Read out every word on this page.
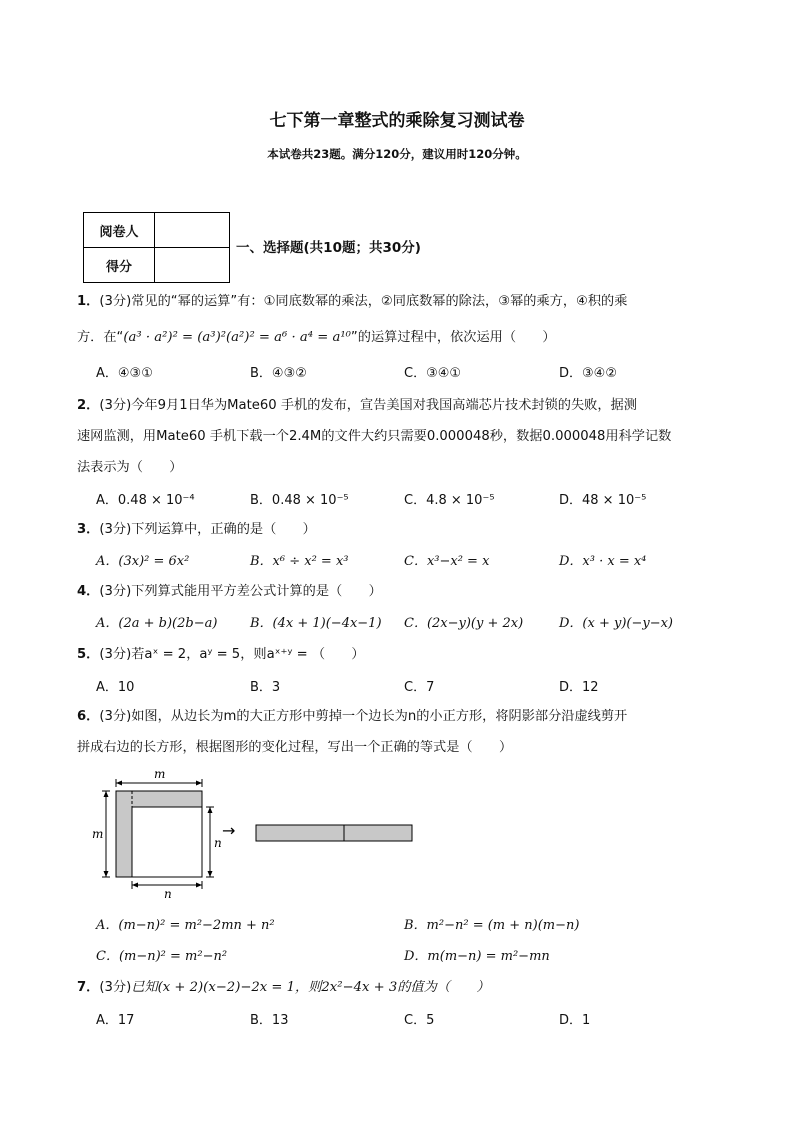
七下第一章整式的乘除复习测试卷
本试卷共23题。满分120分，建议用时120分钟。
阅卷人	
得分	
一、选择题(共10题；共30分)
1．(3分)常见的“幂的运算”有：①同底数幂的乘法，②同底数幂的除法，③幂的乘方，④积的乘
方．在“(a³ · a²)² = (a³)²(a²)² = a⁶ · a⁴ = a¹⁰”的运算过程中，依次运用（　　）
A．④③①	B．④③②	C．③④①	D．③④②
2．(3分)今年9月1日华为Mate60 手机的发布，宣告美国对我国高端芯片技术封锁的失败，据测
速网监测，用Mate60 手机下载一个2.4M的文件大约只需要0.000048秒，数据0.000048用科学记数
法表示为（　　）
A．0.48 × 10⁻⁴	B．0.48 × 10⁻⁵	C．4.8 × 10⁻⁵	D．48 × 10⁻⁵
3．(3分)下列运算中，正确的是（　　）
A．(3x)² = 6x²	B．x⁶ ÷ x² = x³	C．x³−x² = x	D．x³ · x = x⁴
4．(3分)下列算式能用平方差公式计算的是（　　）
A．(2a + b)(2b−a)	B．(4x + 1)(−4x−1) C．(2x−y)(y + 2x)	D．(x + y)(−y−x)
5．(3分)若aˣ = 2，aʸ = 5，则aˣ⁺ʸ = （　　）
A．10	B．3	C．7	D．12
6．(3分)如图，从边长为m的大正方形中剪掉一个边长为n的小正方形，将阴影部分沿虚线剪开
拼成右边的长方形，根据图形的变化过程，写出一个正确的等式是（　　）
m
m
n
n
→
A．(m−n)² = m²−2mn + n²	B．m²−n² = (m + n)(m−n)
C．(m−n)² = m²−n²	D．m(m−n) = m²−mn
7．(3分)已知(x + 2)(x−2)−2x = 1，则2x²−4x + 3的值为（　　）
A．17	B．13	C．5	D．1
